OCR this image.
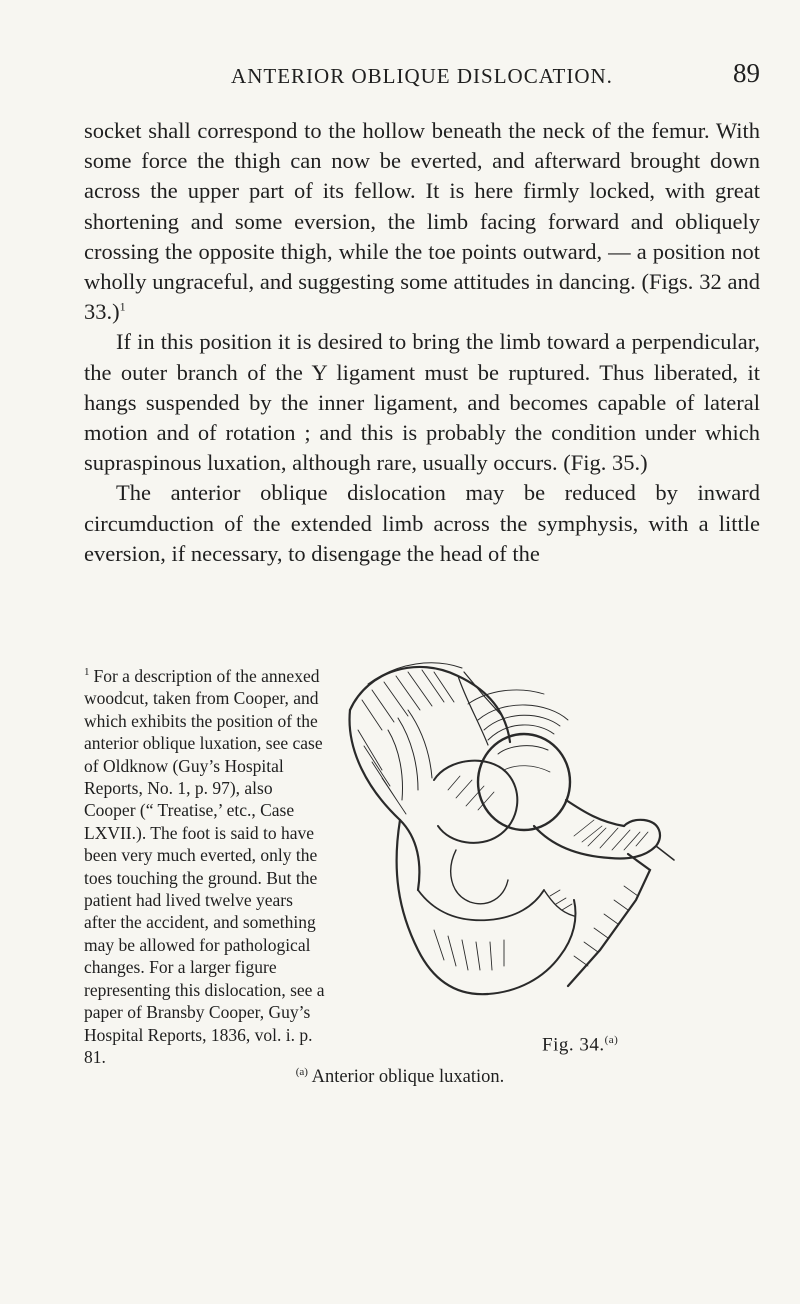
ANTERIOR OBLIQUE DISLOCATION.	89

socket shall correspond to the hollow beneath the neck of the femur. With some force the thigh can now be everted, and afterward brought down across the upper part of its fellow. It is here firmly locked, with great shortening and some eversion, the limb facing forward and obliquely crossing the opposite thigh, while the toe points outward, — a position not wholly ungraceful, and suggesting some attitudes in dancing. (Figs. 32 and 33.)$^1$

If in this position it is desired to bring the limb toward a perpendicular, the outer branch of the Y ligament must be ruptured. Thus liberated, it hangs suspended by the inner ligament, and becomes capable of lateral motion and of rotation ; and this is probably the condition under which supraspinous luxation, although rare, usually occurs. (Fig. 35.)

The anterior oblique dislocation may be reduced by inward circumduction of the extended limb across the symphysis, with a little eversion, if necessary, to disengage the head of the

$^1$ For a description of the annexed woodcut, taken from Cooper, and which exhibits the position of the anterior oblique luxation, see case of Oldknow (Guy’s Hospital Reports, No. 1, p. 97), also Cooper (“ Treatise,’ etc., Case LXVII.). The foot is said to have been very much everted, only the toes touching the ground. But the patient had lived twelve years after the accident, and something may be allowed for pathological changes. For a larger figure representing this dislocation, see a paper of Bransby Cooper, Guy’s Hospital Reports, 1836, vol. i. p. 81.
Fig. 34.$^{(a)}$
$^{(a)}$ Anterior oblique luxation.
